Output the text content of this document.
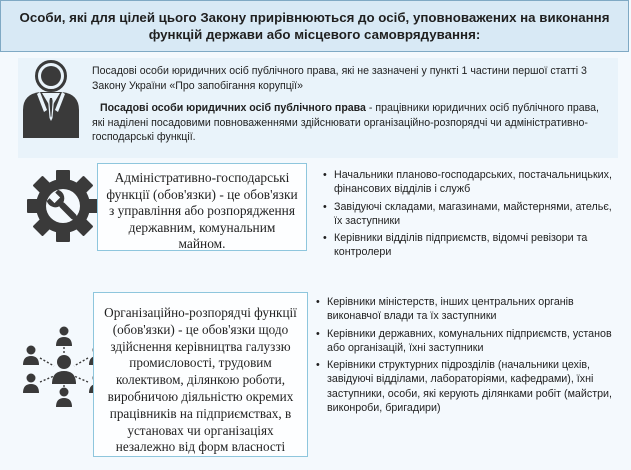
Особи, які для цілей цього Закону прирівнюються до осіб, уповноважених на виконання функцій держави або місцевого самоврядування:

Посадові особи юридичних осіб публічного права, які не зазначені у пункті 1 частини першої статті 3 Закону України «Про запобігання корупції»

Посадові особи юридичних осіб публічного права - працівники юридичних осіб публічного права, які наділені посадовими повноваженнями здійснювати організаційно-розпорядчі чи адміністративно-господарські функції.

Адміністративно-господарські функції (обов'язки) - це обов'язки з управління або розпорядження державним, комунальним майном.
• Начальники планово-господарських, постачальницьких, фінансових відділів і служб
• Завідуючі складами, магазинами, майстернями, ательє, їх заступники
• Керівники відділів підприємств, відомчі ревізори та контролери
Організаційно-розпорядчі функції (обов'язки) - це обов'язки щодо здійснення керівництва галуззю промисловості, трудовим колективом, ділянкою роботи, виробничою діяльністю окремих працівників на підприємствах, в установах чи організаціях незалежно від форм власності
• Керівники міністерств, інших центральних органів виконавчої влади та їх заступники
• Керівники державних, комунальних підприємств, установ або організацій, їхні заступники
• Керівники структурних підрозділів (начальники цехів, завідуючі відділами, лабораторіями, кафедрами), їхні заступники, особи, які керують ділянками робіт (майстри, виконроби, бригадири)
